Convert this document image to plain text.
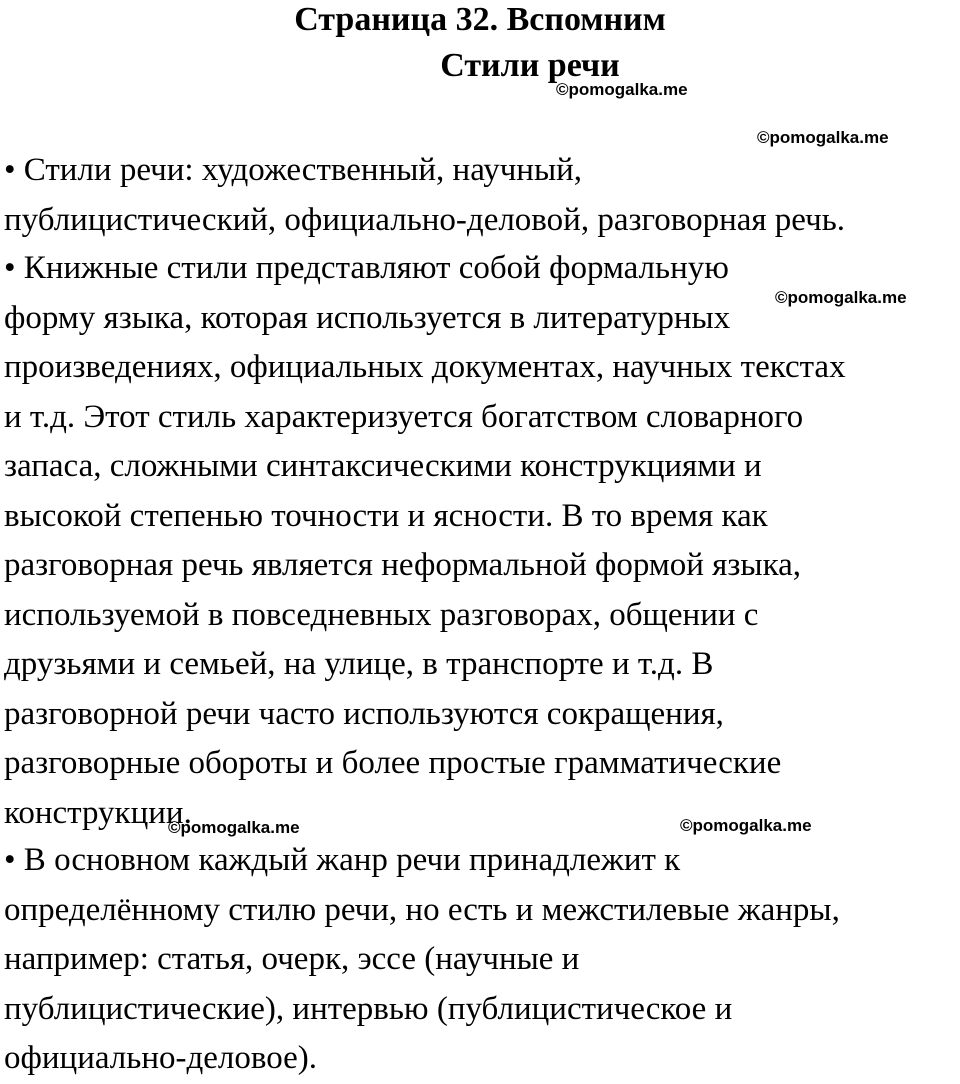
Страница 32. Вспомним
Стили речи
• Стили речи: художественный, научный,
публицистический, официально-деловой, разговорная речь.
• Книжные стили представляют собой формальную
форму языка, которая используется в литературных
произведениях, официальных документах, научных текстах
и т.д. Этот стиль характеризуется богатством словарного
запаса, сложными синтаксическими конструкциями и
высокой степенью точности и ясности. В то время как
разговорная речь является неформальной формой языка,
используемой в повседневных разговорах, общении с
друзьями и семьей, на улице, в транспорте и т.д. В
разговорной речи часто используются сокращения,
разговорные обороты и более простые грамматические
конструкции.
• В основном каждый жанр речи принадлежит к
определённому стилю речи, но есть и межстилевые жанры,
например: статья, очерк, эссе (научные и
публицистические), интервью (публицистическое и
официально-деловое).
©pomogalka.me
©pomogalka.me
©pomogalka.me
©pomogalka.me	©pomogalka.me
